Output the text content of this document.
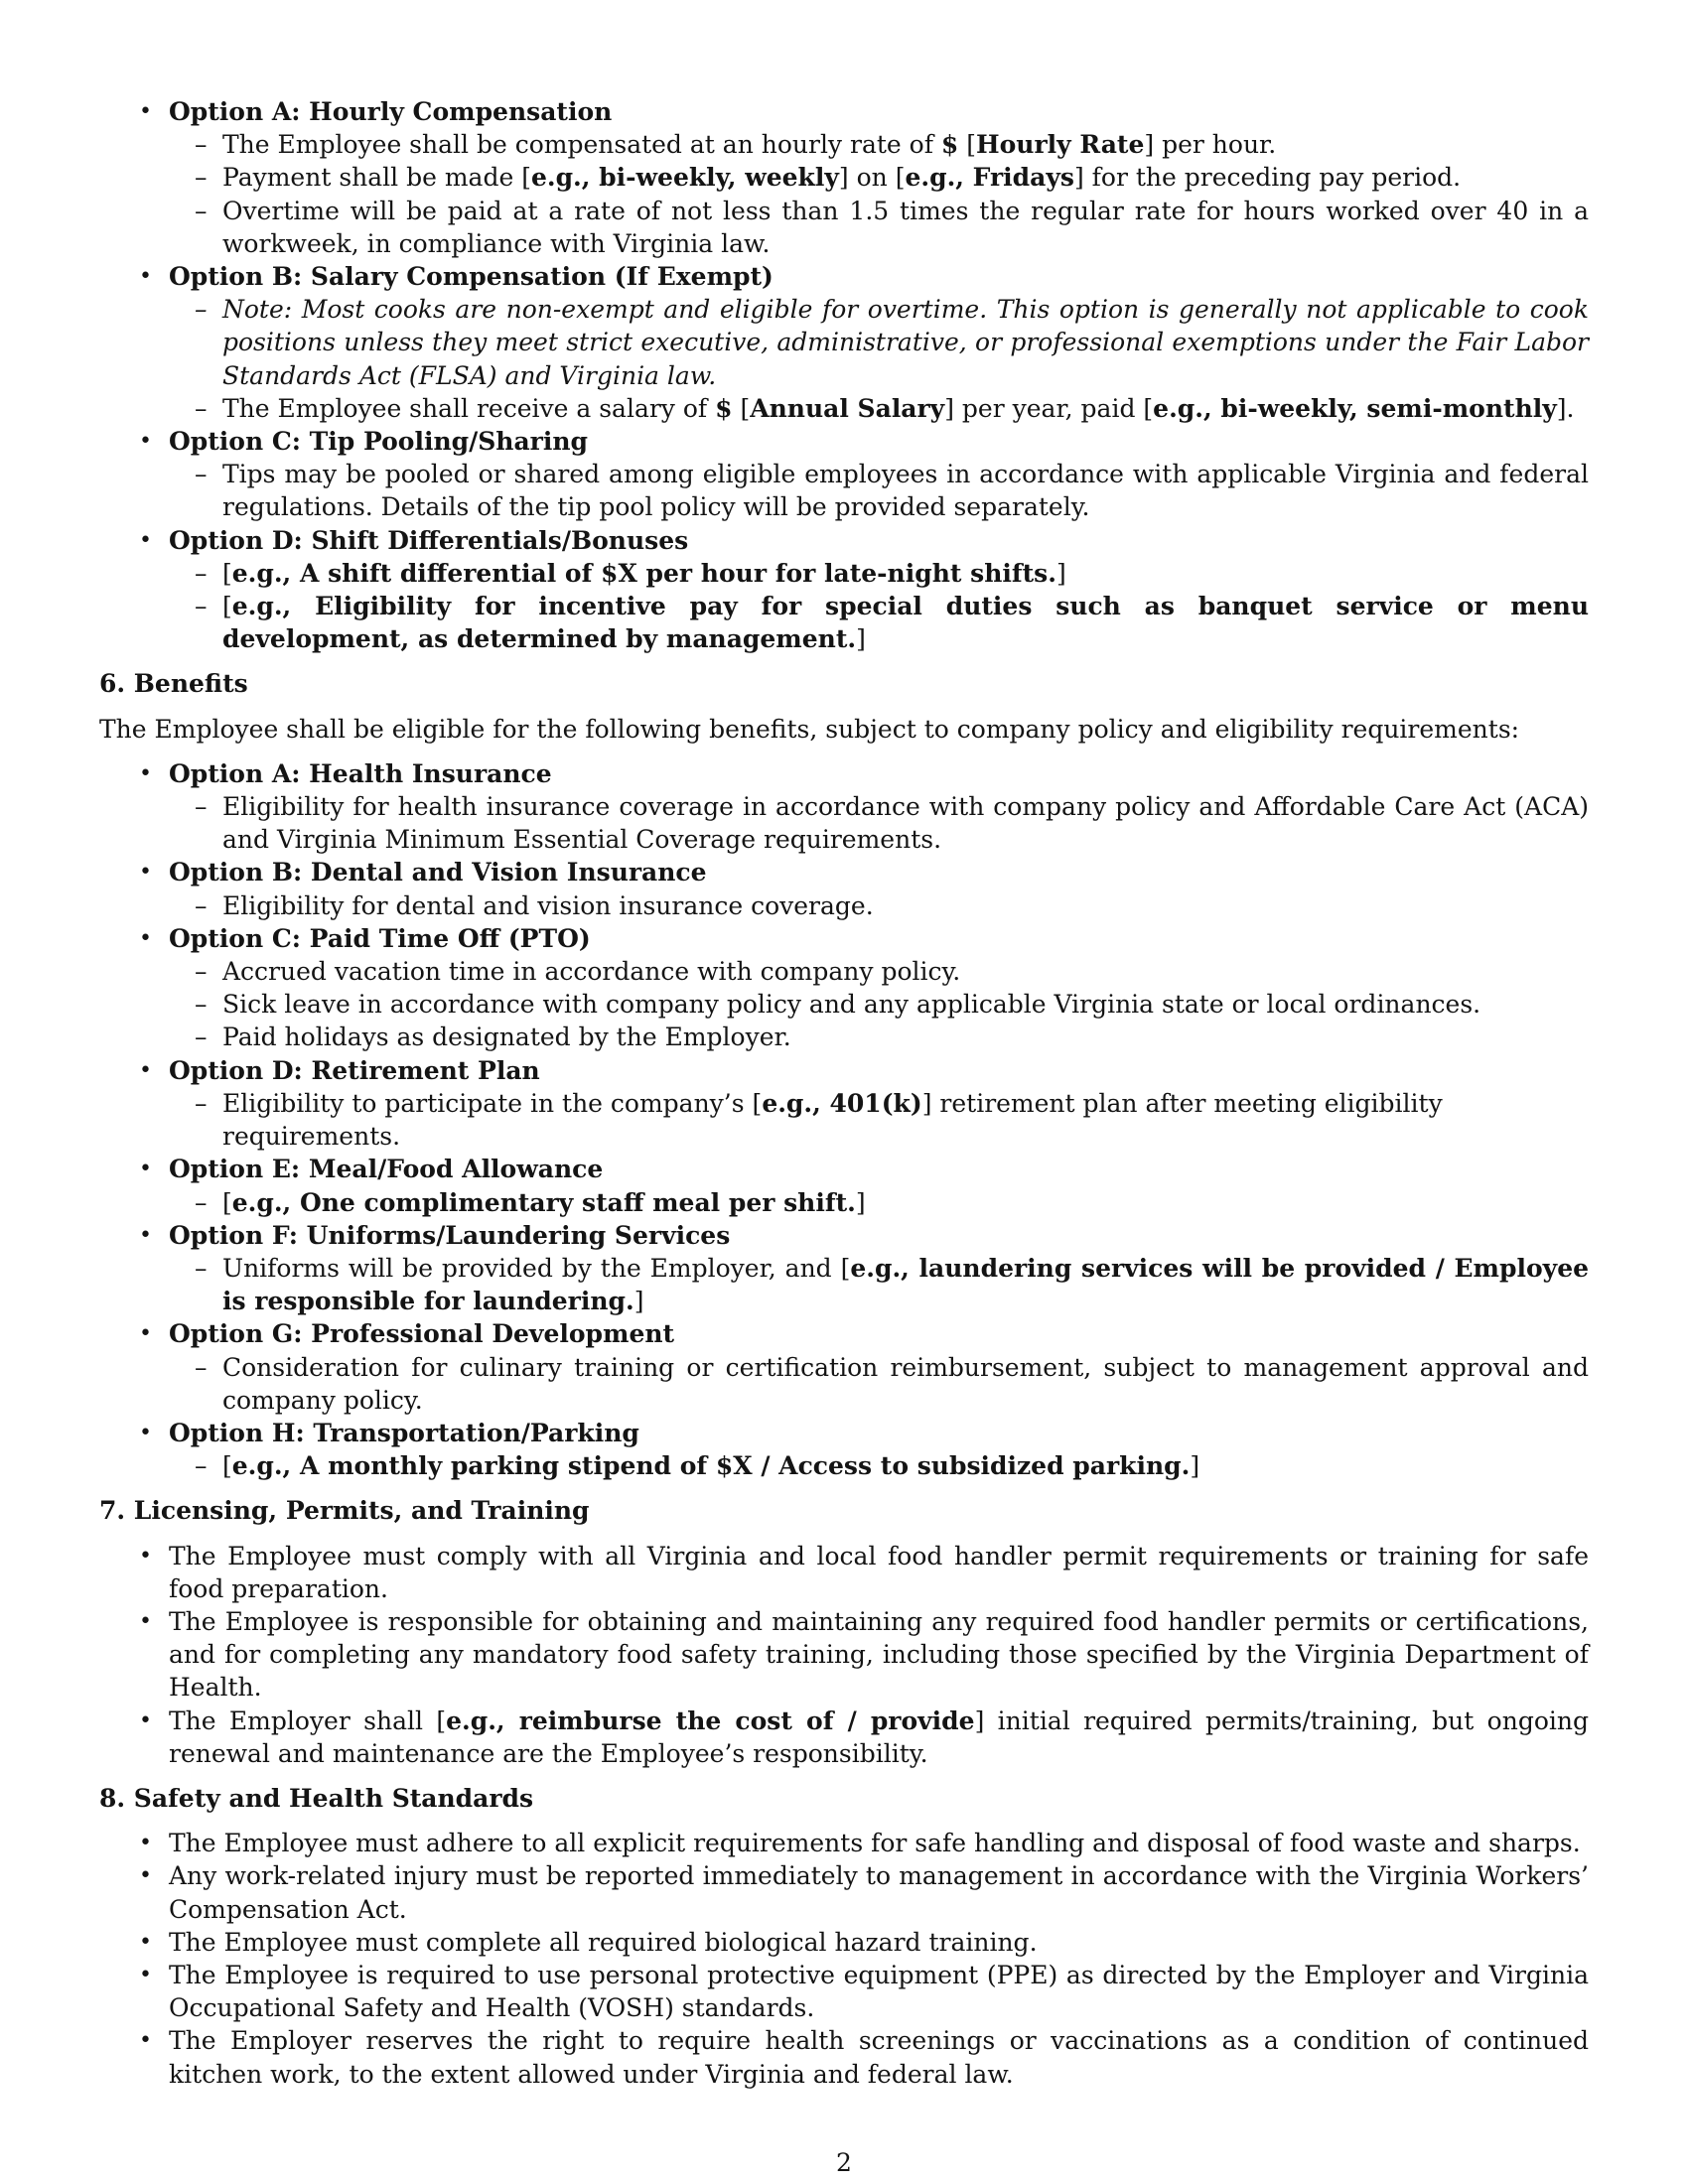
• Option A: Hourly Compensation
– The Employee shall be compensated at an hourly rate of $ [Hourly Rate] per hour.
– Payment shall be made [e.g., bi-weekly, weekly] on [e.g., Fridays] for the preceding pay period.
– Overtime will be paid at a rate of not less than 1.5 times the regular rate for hours worked over 40 in a workweek, in compliance with Virginia law.
• Option B: Salary Compensation (If Exempt)
– Note: Most cooks are non-exempt and eligible for overtime. This option is generally not applicable to cook positions unless they meet strict executive, administrative, or professional exemptions under the Fair Labor Standards Act (FLSA) and Virginia law.
– The Employee shall receive a salary of $ [Annual Salary] per year, paid [e.g., bi-weekly, semi-monthly].
• Option C: Tip Pooling/Sharing
– Tips may be pooled or shared among eligible employees in accordance with applicable Virginia and federal regulations. Details of the tip pool policy will be provided separately.
• Option D: Shift Differentials/Bonuses
– [e.g., A shift differential of $X per hour for late-night shifts.]
– [e.g., Eligibility for incentive pay for special duties such as banquet service or menu development, as determined by management.]
6. Benefits
The Employee shall be eligible for the following benefits, subject to company policy and eligibility requirements:
• Option A: Health Insurance
– Eligibility for health insurance coverage in accordance with company policy and Affordable Care Act (ACA) and Virginia Minimum Essential Coverage requirements.
• Option B: Dental and Vision Insurance
– Eligibility for dental and vision insurance coverage.
• Option C: Paid Time Off (PTO)
– Accrued vacation time in accordance with company policy.
– Sick leave in accordance with company policy and any applicable Virginia state or local ordinances.
– Paid holidays as designated by the Employer.
• Option D: Retirement Plan
– Eligibility to participate in the company’s [e.g., 401(k)] retirement plan after meeting eligibility requirements.
• Option E: Meal/Food Allowance
– [e.g., One complimentary staff meal per shift.]
• Option F: Uniforms/Laundering Services
– Uniforms will be provided by the Employer, and [e.g., laundering services will be provided / Employee is responsible for laundering.]
• Option G: Professional Development
– Consideration for culinary training or certification reimbursement, subject to management approval and company policy.
• Option H: Transportation/Parking
– [e.g., A monthly parking stipend of $X / Access to subsidized parking.]
7. Licensing, Permits, and Training
• The Employee must comply with all Virginia and local food handler permit requirements or training for safe food preparation.
• The Employee is responsible for obtaining and maintaining any required food handler permits or certifications, and for completing any mandatory food safety training, including those specified by the Virginia Department of Health.
• The Employer shall [e.g., reimburse the cost of / provide] initial required permits/training, but ongoing renewal and maintenance are the Employee’s responsibility.
8. Safety and Health Standards
• The Employee must adhere to all explicit requirements for safe handling and disposal of food waste and sharps.
• Any work-related injury must be reported immediately to management in accordance with the Virginia Workers’ Compensation Act.
• The Employee must complete all required biological hazard training.
• The Employee is required to use personal protective equipment (PPE) as directed by the Employer and Virginia Occupational Safety and Health (VOSH) standards.
• The Employer reserves the right to require health screenings or vaccinations as a condition of continued kitchen work, to the extent allowed under Virginia and federal law.
2
